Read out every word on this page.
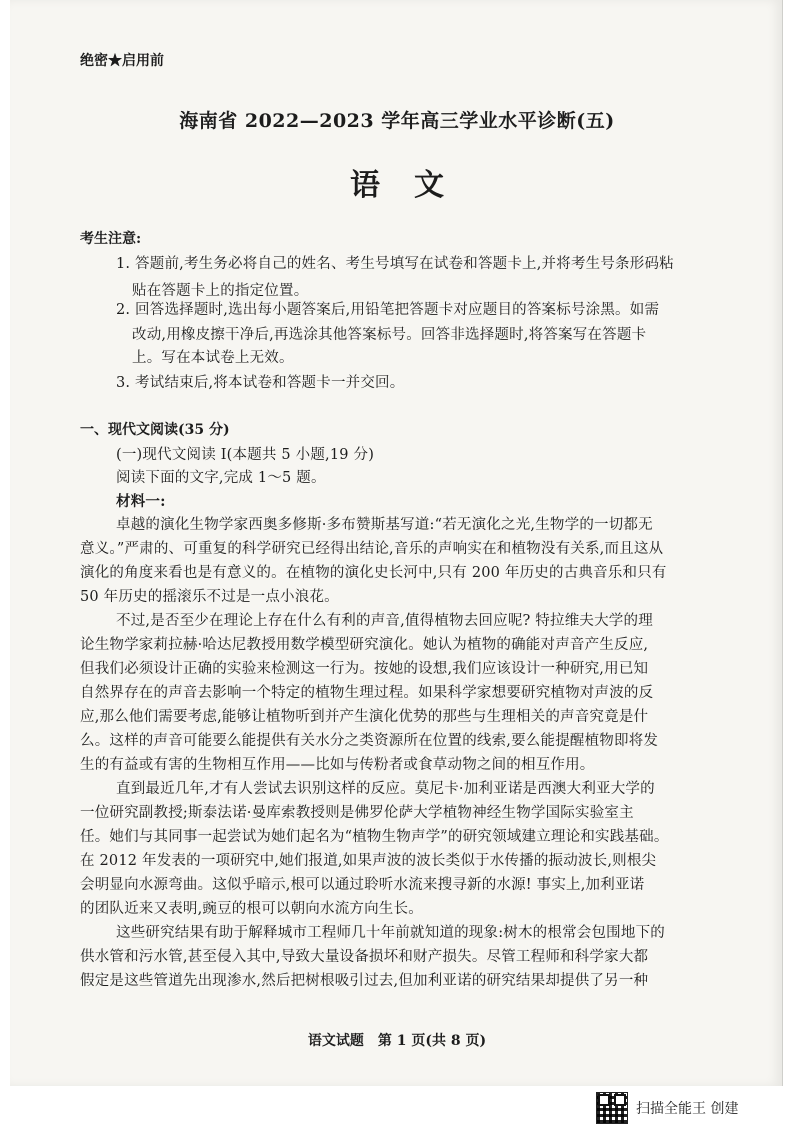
绝密★启用前
海南省 2022—2023 学年高三学业水平诊断(五)
语文
考生注意:
1. 答题前,考生务必将自己的姓名、考生号填写在试卷和答题卡上,并将考生号条形码粘
贴在答题卡上的指定位置。
2. 回答选择题时,选出每小题答案后,用铅笔把答题卡对应题目的答案标号涂黑。如需
改动,用橡皮擦干净后,再选涂其他答案标号。回答非选择题时,将答案写在答题卡
上。写在本试卷上无效。
3. 考试结束后,将本试卷和答题卡一并交回。
一、现代文阅读(35 分)
(一)现代文阅读 I(本题共 5 小题,19 分)
阅读下面的文字,完成 1～5 题。
材料一:
卓越的演化生物学家西奥多修斯·多布赞斯基写道:“若无演化之光,生物学的一切都无
意义。”严肃的、可重复的科学研究已经得出结论,音乐的声响实在和植物没有关系,而且这从
演化的角度来看也是有意义的。在植物的演化史长河中,只有 200 年历史的古典音乐和只有
50 年历史的摇滚乐不过是一点小浪花。
不过,是否至少在理论上存在什么有利的声音,值得植物去回应呢? 特拉维夫大学的理
论生物学家莉拉赫·哈达尼教授用数学模型研究演化。她认为植物的确能对声音产生反应,
但我们必须设计正确的实验来检测这一行为。按她的设想,我们应该设计一种研究,用已知
自然界存在的声音去影响一个特定的植物生理过程。如果科学家想要研究植物对声波的反
应,那么他们需要考虑,能够让植物听到并产生演化优势的那些与生理相关的声音究竟是什
么。这样的声音可能要么能提供有关水分之类资源所在位置的线索,要么能提醒植物即将发
生的有益或有害的生物相互作用——比如与传粉者或食草动物之间的相互作用。
直到最近几年,才有人尝试去识别这样的反应。莫尼卡·加利亚诺是西澳大利亚大学的
一位研究副教授;斯泰法诺·曼库索教授则是佛罗伦萨大学植物神经生物学国际实验室主
任。她们与其同事一起尝试为她们起名为“植物生物声学”的研究领域建立理论和实践基础。
在 2012 年发表的一项研究中,她们报道,如果声波的波长类似于水传播的振动波长,则根尖
会明显向水源弯曲。这似乎暗示,根可以通过聆听水流来搜寻新的水源! 事实上,加利亚诺
的团队近来又表明,豌豆的根可以朝向水流方向生长。
这些研究结果有助于解释城市工程师几十年前就知道的现象:树木的根常会包围地下的
供水管和污水管,甚至侵入其中,导致大量设备损坏和财产损失。尽管工程师和科学家大都
假定是这些管道先出现渗水,然后把树根吸引过去,但加利亚诺的研究结果却提供了另一种
语文试题　第 1 页(共 8 页)
扫描全能王 创建
